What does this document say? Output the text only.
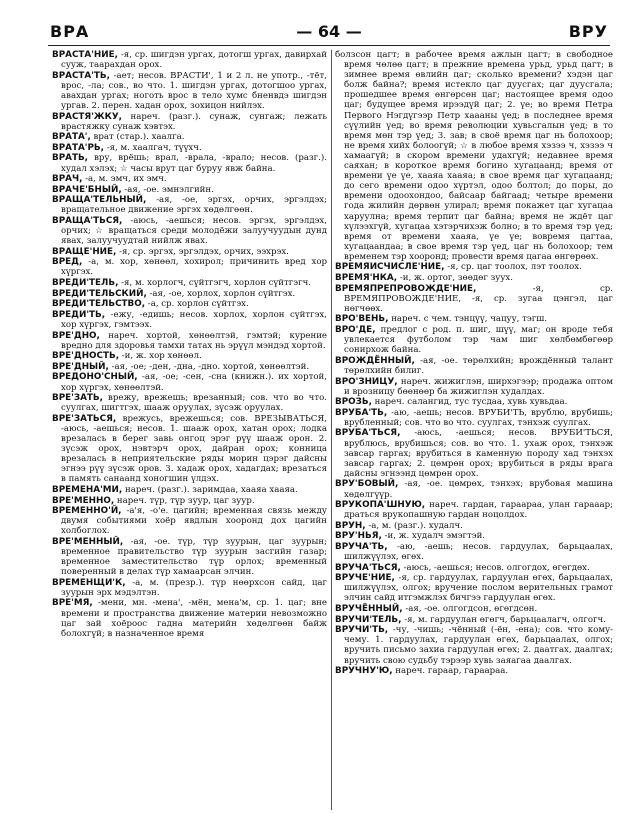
ВРА	— 64 —	ВРУ

ВРАСТА'НИЕ, -я, ср. шигдэн ургах, дотогш ургах, давирхай сууж, таарахдан орох.

ВРАСТА'ТЬ, -ает; несов. ВРАСТИ', 1 и 2 л. не употр., -тёт, врос, -ла; сов., во что. 1. шигдэн ургах, дотогшоо ургах, авахдан ургах; ноготь врос в тело хумс бненвдэ шигдэн ургав. 2. перен. хадан орох, зохицон нийлэх.

ВРАСТЯ'ЖКУ, нареч. (разг.). сунаж, сунгаж; лежать врастяжку сунаж хэвтэх.

ВРАТА', врат (стар.). хаалга.

ВРАТА'РЬ, -я, м. хаалгач, түүхч.

ВРАТЬ, вру, врёшь; врал, -врала, -врало; несов. (разг.). худал хэлэх; ☆ часы врут цаг буруу явж байна.

ВРАЧ, -а, м. эмч, их эмч.

ВРАЧЕ'БНЫЙ, -ая, -ое. эмнэлгийн.

ВРАЩА'ТЕЛЬНЫЙ, -ая, -ое, эргэх, орчих, эргэлдэх; вращательное движение эргэх хөдөлгөөн.

ВРАЩА'ТЬСЯ, -аюсь, -аешься; несов. эргэх, эргэлдэх, орчих; ☆ вращаться среди молодёжи залуучуудын дунд явах, залуучуудтай нийлж явах.

ВРАЩЕ'НИЕ, -я, ср. эргэх, эргэлдэх, орчих, ээхрэх.

ВРЕД, -а, м. хор, хөнөөл, хохирол; причинить вред хор хүргэх.

ВРЕДИ'ТЕЛЬ, -я, м. хорлогч, сүйтгэгч, хорлон сүйтгэгч.

ВРЕДИ'ТЕЛЬСКИЙ, -ая, -ое, хорлох, хорлон сүйтгэх.

ВРЕДИ'ТЕЛЬСТВО, -а, ср. хорлон сүйтгэх.

ВРЕДИ'ТЬ, -ежу, -едишь; несов. хорлох, хорлон сүйтгэх, хор хүргэх, гэмтээх.

ВРЕ'ДНО, нареч. хортой, хөнөөлтэй, гэмтэй; курение вредно для здоровья тамхи татах нь эрүүл мэндэд хортой.

ВРЕ'ДНОСТЬ, -и, ж. хор хөнөөл.

ВРЕ'ДНЫЙ, -ая, -ое; -ден, -дна, -дно. хортой, хөнөөлтэй.

ВРЕДОНО'СНЫЙ, -ая, -ое; -сен, -сна (книжн.). их хортой, хор хүргэх, хөнөөлтэй.

ВРЕ'ЗАТЬ, врежу, врежешь; врезанный; сов. что во что. суулгах, шигтгэх, шааж оруулах, зүсэж оруулах.

ВРЕ'ЗАТЬСЯ, врежусь, врежешься; сов. ВРЕЗЫВАТЬСЯ, -аюсь, -аешься; несов. 1. шааж орох, хатан орох; лодка врезалась в берег завь онгоц эрэг рүү шааж орон. 2. зүсэж орох, нэвтэрч орох, дайран орох; конница врезалась в неприятельские ряды морин цэрэг дайсны эгнээ рүү зүсэж оров. 3. хадаж орох, хадагдах; врезаться в память санаанд хоногшин үлдэх.

ВРЕМЕНА'МИ, нареч. (разг.). заримдаа, хааяа хааяа.

ВРЕ'МЕННО, нареч. түр, түр зуур, цаг зуур.

ВРЕМЕННО'Й, -а'я, -о'е. цагийн; временная связь между двумя событиями хоёр явдлын хооронд дох цагийн холбоглох.

ВРЕ'МЕННЫЙ, -ая, -ое. түр, түр зуурын, цаг зуурын; временное правительство түр зуурын засгийн газар; временное заместительство түр орлох; временный поверенный в делах түр хамаарсан элчин.

ВРЕМЕНЩИ'К, -а, м. (презр.). түр нөөрхсон сайд, цаг зуурын эрх мэдэлтэн.

ВРЕ'МЯ, -мени, мн. -мена', -мён, мена'м, ср. 1. цаг; вне времени и пространства движение материи невозможно цаг зай хоёроос гадна материйн хөдөлгөөн байж болохгүй; в назначенное время

болзсон цагт; в рабочее время ажлын цагт; в свободное время чөлөө цагт; в прежние времена урьд, урьд цагт; в зимнее время өвлийн цаг; сколько времени? хэдэн цаг болж байна?; время истекло цаг дуусгах; цаг дуусгала; прошедшее время өнгөрсөн цаг; настоящее время одоо цаг; будущее время ирээдүй цаг; 2. үе; во время Петра Первого Нэгдүгээр Петр хаааны үед; в последнее время сүүлийн үед; во время революции хувьсгалын үед; в то время мөн тэр үед; 3. зав; в своё время цаг нь болохоор; не время хийх болоогүй; ☆ в любое время хэзээ ч, хэзээ ч хамаагүй; в скором времени удахгүй; недавнее время саяхан; в короткое время богино хугацаанд; время от времени үе үе, хааяа хааяа; в свое время цаг хугацаанд; до сего времени одоо хүртэл, одоо болтол; до поры, до времени одоохондоо, байсаар байгаад; четыре времени года жилийн дөрвөн улирал; время покажет цаг хугацаа харуулна; время терпит цаг байна; время не ждёт цаг хүлээхгүй, хугацаа хэтэрчихэж болно; в то время тэр үед; время от времени хааяа, үе үе; вовремя цагтаа, хугацаандаа; в свое время тэр үед, цаг нь болохоор; тем временем тэр хооронд; провести время цагаа өнгөрөөх.

ВРЕМЯИСЧИСЛЕ'НИЕ, -я, ср. цаг тоолох, лэт тоолох.

ВРЕМЯ'НКА, -и, ж. ортог, зөөдөг зуух.

ВРЕМЯПРЕПРОВОЖДЕ'НИЕ,	-я, ср. ВРЕМЯПРОВОЖДЕ'НИЕ, -я, ср. зугаа цэнгэл, цаг нөгчөөх.

ВРО'ВЕНЬ, нареч. с чем. тэнцүү, чацуу, тэгш.

ВРО'ДЕ, предлог с род. п. шиг, шүү, маг; он вроде тебя увлекается футболом тэр чам шиг хөлбөмбөгөөр сонирхож байна.

ВРОЖДЁННЫЙ, -ая, -ое. төрөлхийн; врождённый талант төрөлхийн билиг.

ВРО'ЗНИЦУ, нареч. жижиглэн, ширхэгээр; продажа оптом и врозницу бөөнөөр ба жижиглэн худалдах.

ВРОЗЬ, нареч. салангид, тус тусдаа, хувь хувьдаа.

ВРУБА'ТЬ, -аю, -аешь; несов. ВРУБИ'ТЬ, врублю, врубишь; врубленный; сов. что во что. суулгах, тэнхэж суулгах.

ВРУБА'ТЬСЯ, -аюсь, -аешься; несов. ВРУБИ'ТЬСЯ, врублюсь, врубишься; сов. во что. 1. ухаж орох, тэнхэж завсар гаргах; врубиться в каменную породу хад тэнхэх завсар гаргах; 2. цөмрөн орох; врубиться в ряды врага дайсны эгнээнд цөмрөн орох.

ВРУ'БОВЫЙ, -ая, -ое. цөмрөх, тэнхэх; врубовая машина хөдөлгүүр.

ВРУКОПА'ШНУЮ, нареч. гардан, гараараа, улан гарааар; драться врукопашную гардан ноцолдох.

ВРУН, -а, м. (разг.). худалч.

ВРУ'НЬЯ, -и, ж. худалч эмэгтэй.

ВРУЧА'ТЬ, -аю, -аешь; несов. гардуулах, барьцаалах, шилжүүлэх, өгөх.

ВРУЧА'ТЬСЯ, -аюсь, -аешься; несов. олгогдох, өгөгдөх.

ВРУЧЕ'НИЕ, -я, ср. гардуулах, гардуулан өгөх, барьцаалах, шилжүүлэх, олгох; вручение послом верительных грамот элчин сайд итгэмжлэх бичгээ гардуулан өгөх.

ВРУЧЁННЫЙ, -ая, -ое. олгогдсон, өгөгдсөн.

ВРУЧИ'ТЕЛЬ, -я, м. гардуулан өгөгч, барьцаалагч, олгогч.

ВРУЧИ'ТЬ, -чу, -чишь; -чённый (-ён, -ена); сов. что кому-чему. 1. гардуулах, гардуулан өгөх, барьцаалах, олгох; вручить письмо захиа гардуулан өгөх; 2. даатгах, даалгах; вручить свою судьбу тэрээр хувь заяагаа даалгах.

ВРУЧНУ'Ю, нареч. гараар, гараараа.
